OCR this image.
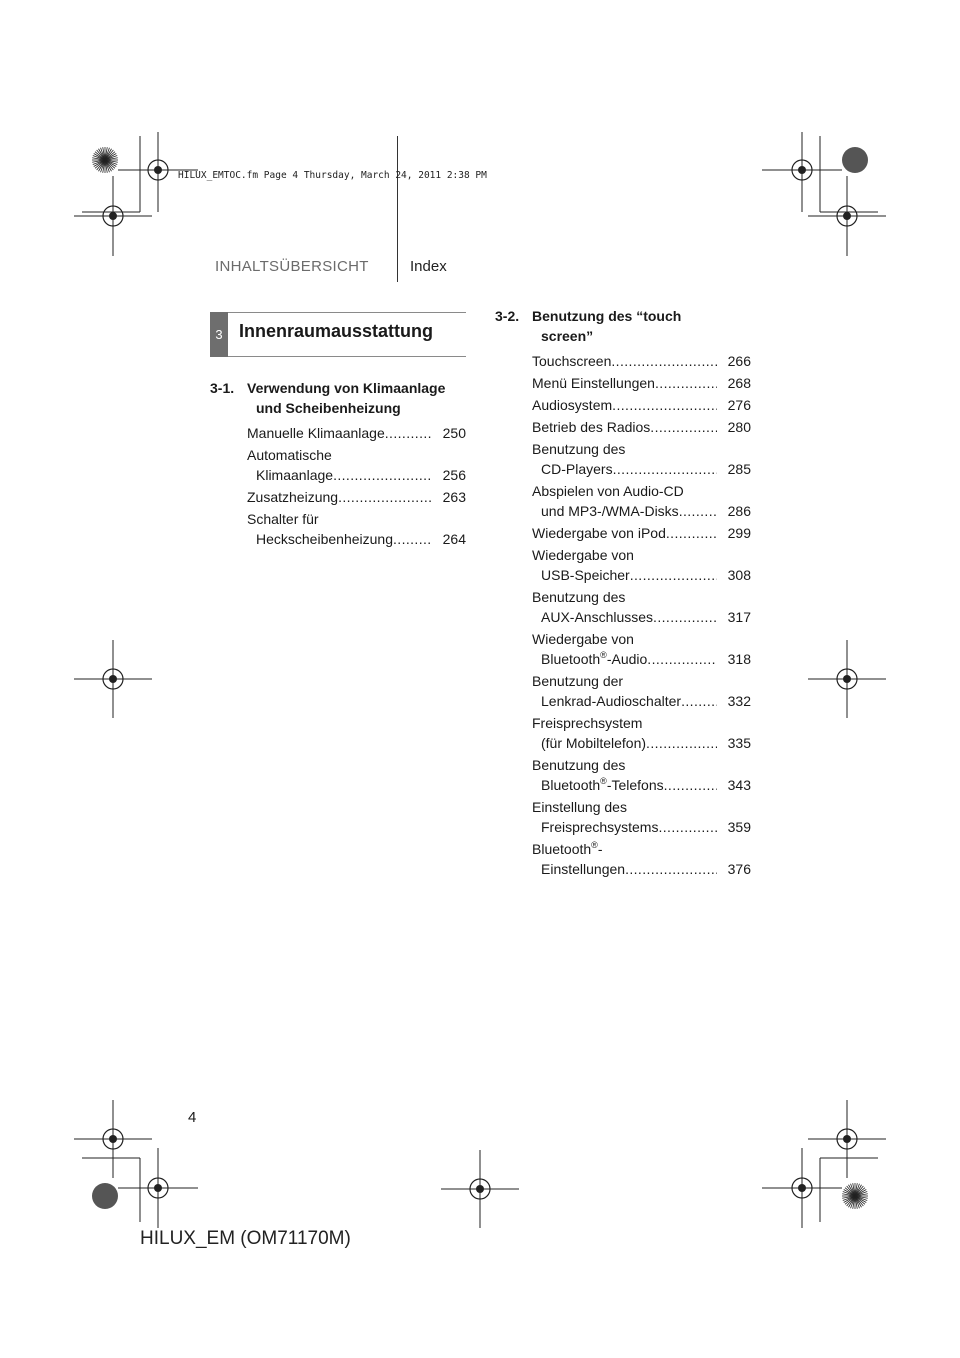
INHALTSÜBERSICHT	Index
HILUX_EMTOC.fm Page 4 Thursday, March 24, 2011 2:38 PM
3 Innenraumausstattung
3-1. Verwendung von Klimaanlage
und Scheibenheizung
Manuelle Klimaanlage .....	250
Automatische
Klimaanlage .....	256
Zusatzheizung .....	263
Schalter für
Heckscheibenheizung .....	264
3-2. Benutzung des “touch
screen”
Touchscreen .....	266
Menü Einstellungen .....	268
Audiosystem .....	276
Betrieb des Radios .....	280
Benutzung des
CD-Players .....	285
Abspielen von Audio-CD
und MP3-/WMA-Disks .....	286
Wiedergabe von iPod .....	299
Wiedergabe von
USB-Speicher .....	308
Benutzung des
AUX-Anschlusses .....	317
Wiedergabe von
Bluetooth®-Audio .....	318
Benutzung der
Lenkrad-Audioschalter .....	332
Freisprechsystem
(für Mobiltelefon) .....	335
Benutzung des
Bluetooth®-Telefons .....	343
Einstellung des
Freisprechsystems .....	359
Bluetooth®-
Einstellungen .....	376
4
HILUX_EM (OM71170M)
